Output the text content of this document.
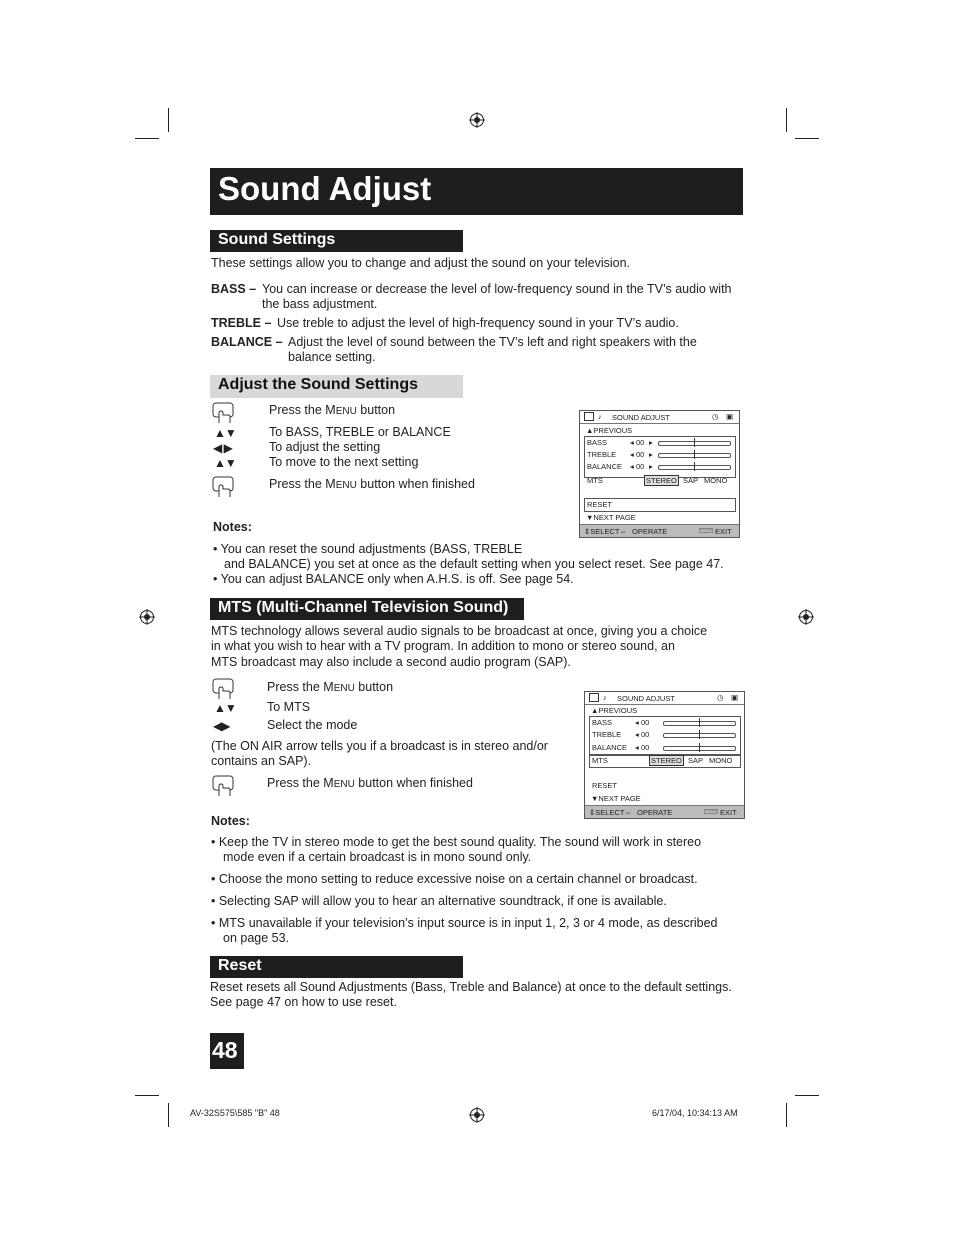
Sound Adjust
Sound Settings
These settings allow you to change and adjust the sound on your television.
BASS – You can increase or decrease the level of low-frequency sound in the TV’s audio with
the bass adjustment.
TREBLE – Use treble to adjust the level of high-frequency sound in your TV’s audio.
BALANCE – Adjust the level of sound between the TV’s left and right speakers with the
balance setting.
Adjust the Sound Settings
Press the MENU button
▲▼	To BASS, TREBLE or BALANCE
◀ ▶	To adjust the setting
▲▼	To move to the next setting
Press the MENU button when finished
Notes:
• You can reset the sound adjustments (BASS, TREBLE
and BALANCE) you set at once as the default setting when you select reset. See page 47.
• You can adjust BALANCE only when A.H.S. is off. See page 54.
♪ SOUND ADJUST	◷ ▣
▲PREVIOUS
BASS	◂ 00 ▸
TREBLE ◂ 00 ▸
BALANCE ◂ 00 ▸
MTS	STEREO SAP MONO
RESET
▼NEXT PAGE
⇕SELECT⇔ OPERATE	MENU EXIT
MTS (Multi-Channel Television Sound)
MTS technology allows several audio signals to be broadcast at once, giving you a choice
in what you wish to hear with a TV program. In addition to mono or stereo sound, an
MTS broadcast may also include a second audio program (SAP).
Press the MENU button
▲▼ To MTS
◀▶	Select the mode
(The ON AIR arrow tells you if a broadcast is in stereo and/or
contains an SAP).
Press the MENU button when finished
♪ SOUND ADJUST	◷ ▣
▲PREVIOUS
BASS	◂ 00
TREBLE ◂ 00
BALANCE ◂ 00
MTS	STEREO SAP MONO
RESET
▼NEXT PAGE
⇕SELECT⇔ OPERATE	MENU EXIT
Notes:
• Keep the TV in stereo mode to get the best sound quality. The sound will work in stereo
mode even if a certain broadcast is in mono sound only.
• Choose the mono setting to reduce excessive noise on a certain channel or broadcast.
• Selecting SAP will allow you to hear an alternative soundtrack, if one is available.
• MTS unavailable if your television’s input source is in input 1, 2, 3 or 4 mode, as described
on page 53.
Reset
Reset resets all Sound Adjustments (Bass, Treble and Balance) at once to the default settings.
See page 47 on how to use reset.
48
AV-32S575\585 "B" 48	6/17/04, 10:34:13 AM
